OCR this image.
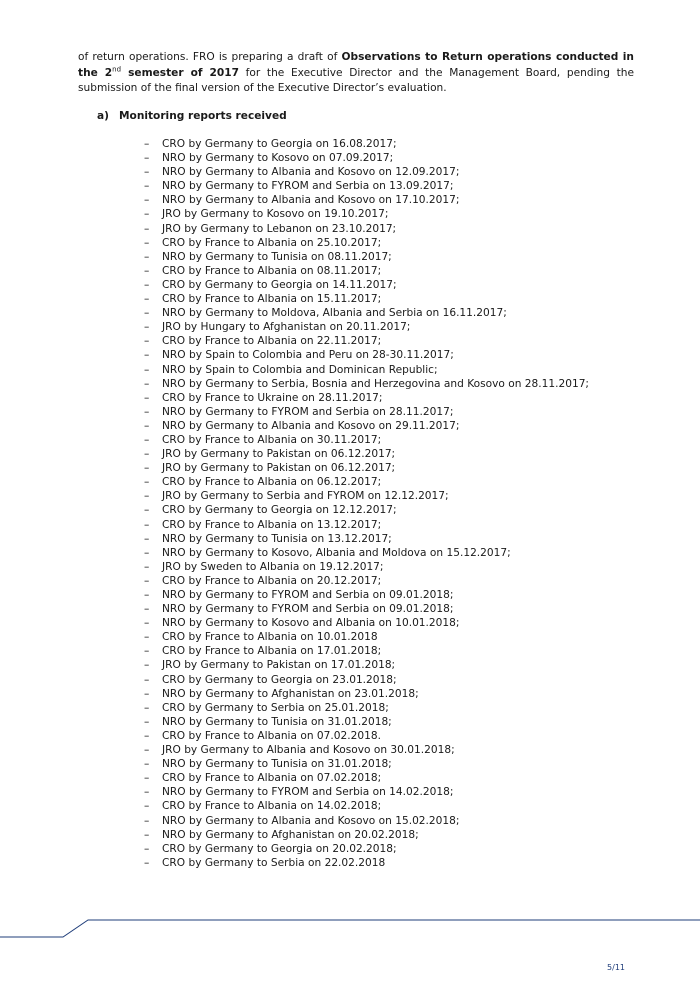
of return operations. FRO is preparing a draft of Observations to Return operations conducted in the 2nd semester of 2017 for the Executive Director and the Management Board, pending the submission of the final version of the Executive Director’s evaluation.

a) Monitoring reports received
– CRO by Germany to Georgia on 16.08.2017;
– NRO by Germany to Kosovo on 07.09.2017;
– NRO by Germany to Albania and Kosovo on 12.09.2017;
– NRO by Germany to FYROM and Serbia on 13.09.2017;
– NRO by Germany to Albania and Kosovo on 17.10.2017;
– JRO by Germany to Kosovo on 19.10.2017;
– JRO by Germany to Lebanon on 23.10.2017;
– CRO by France to Albania on 25.10.2017;
– NRO by Germany to Tunisia on 08.11.2017;
– CRO by France to Albania on 08.11.2017;
– CRO by Germany to Georgia on 14.11.2017;
– CRO by France to Albania on 15.11.2017;
– NRO by Germany to Moldova, Albania and Serbia on 16.11.2017;
– JRO by Hungary to Afghanistan on 20.11.2017;
– CRO by France to Albania on 22.11.2017;
– NRO by Spain to Colombia and Peru on 28-30.11.2017;
– NRO by Spain to Colombia and Dominican Republic;
– NRO by Germany to Serbia, Bosnia and Herzegovina and Kosovo on 28.11.2017;
– CRO by France to Ukraine on 28.11.2017;
– NRO by Germany to FYROM and Serbia on 28.11.2017;
– NRO by Germany to Albania and Kosovo on 29.11.2017;
– CRO by France to Albania on 30.11.2017;
– JRO by Germany to Pakistan on 06.12.2017;
– JRO by Germany to Pakistan on 06.12.2017;
– CRO by France to Albania on 06.12.2017;
– JRO by Germany to Serbia and FYROM on 12.12.2017;
– CRO by Germany to Georgia on 12.12.2017;
– CRO by France to Albania on 13.12.2017;
– NRO by Germany to Tunisia on 13.12.2017;
– NRO by Germany to Kosovo, Albania and Moldova on 15.12.2017;
– JRO by Sweden to Albania on 19.12.2017;
– CRO by France to Albania on 20.12.2017;
– NRO by Germany to FYROM and Serbia on 09.01.2018;
– NRO by Germany to FYROM and Serbia on 09.01.2018;
– NRO by Germany to Kosovo and Albania on 10.01.2018;
– CRO by France to Albania on 10.01.2018
– CRO by France to Albania on 17.01.2018;
– JRO by Germany to Pakistan on 17.01.2018;
– CRO by Germany to Georgia on 23.01.2018;
– NRO by Germany to Afghanistan on 23.01.2018;
– CRO by Germany to Serbia on 25.01.2018;
– NRO by Germany to Tunisia on 31.01.2018;
– CRO by France to Albania on 07.02.2018.
– JRO by Germany to Albania and Kosovo on 30.01.2018;
– NRO by Germany to Tunisia on 31.01.2018;
– CRO by France to Albania on 07.02.2018;
– NRO by Germany to FYROM and Serbia on 14.02.2018;
– CRO by France to Albania on 14.02.2018;
– NRO by Germany to Albania and Kosovo on 15.02.2018;
– NRO by Germany to Afghanistan on 20.02.2018;
– CRO by Germany to Georgia on 20.02.2018;
– CRO by Germany to Serbia on 22.02.2018
5/11
